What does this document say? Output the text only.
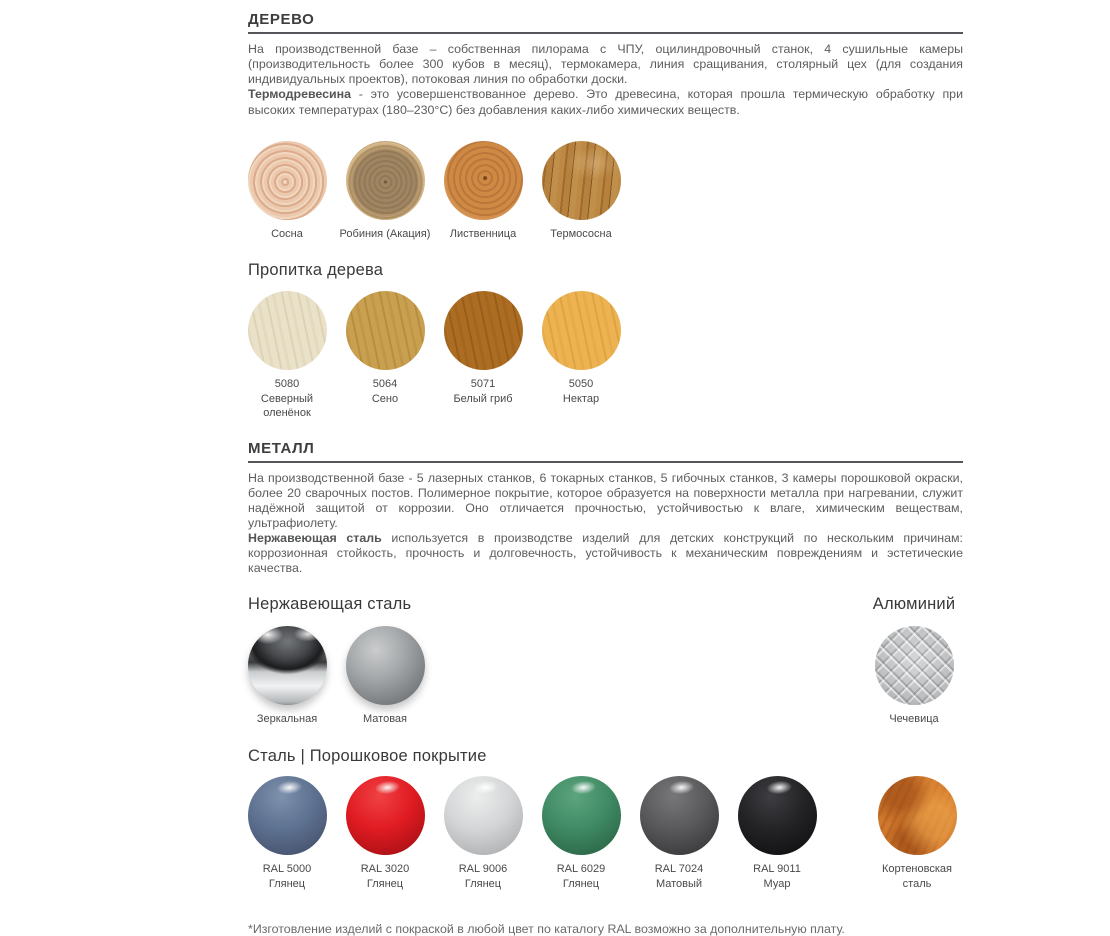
ДЕРЕВО

На производственной базе – собственная пилорама с ЧПУ, оцилиндровочный станок, 4 сушильные камеры (производительность более 300 кубов в месяц), термокамера, линия сращивания, столярный цех (для создания индивидуальных проектов), потоковая линия по обработки доски.

Термодревесина - это усовершенствованное дерево. Это древесина, которая прошла термическую обработку при высоких температурах (180–230°С) без добавления каких-либо химических веществ.

Сосна	Робиния (Акация) Лиственница	Термососна
Пропитка дерева
5080
Северный оленёнок
5064
Сено
5071
Белый гриб
5050
Нектар
МЕТАЛЛ

На производственной базе - 5 лазерных станков, 6 токарных станков, 5 гибочных станков, 3 камеры порошковой окраски, более 20 сварочных постов. Полимерное покрытие, которое образуется на поверхности металла при нагревании, служит надёжной защитой от коррозии. Оно отличается прочностью, устойчивостью к влаге, химическим веществам, ультрафиолету.

Нержавеющая сталь используется в производстве изделий для детских конструкций по нескольким причинам: коррозионная стойкость, прочность и долговечность, устойчивость к механическим повреждениям и эстетические качества.

Нержавеющая сталь
Зеркальная	Матовая
Алюминий
Чечевица
Сталь | Порошковое покрытие
RAL 5000
Глянец
RAL 3020
Глянец
RAL 9006
Глянец
RAL 6029
Глянец
RAL 7024
Матовый
RAL 9011
Муар
Кортеновская сталь
*Изготовление изделий с покраской в любой цвет по каталогу RAL возможно за дополнительную плату.
